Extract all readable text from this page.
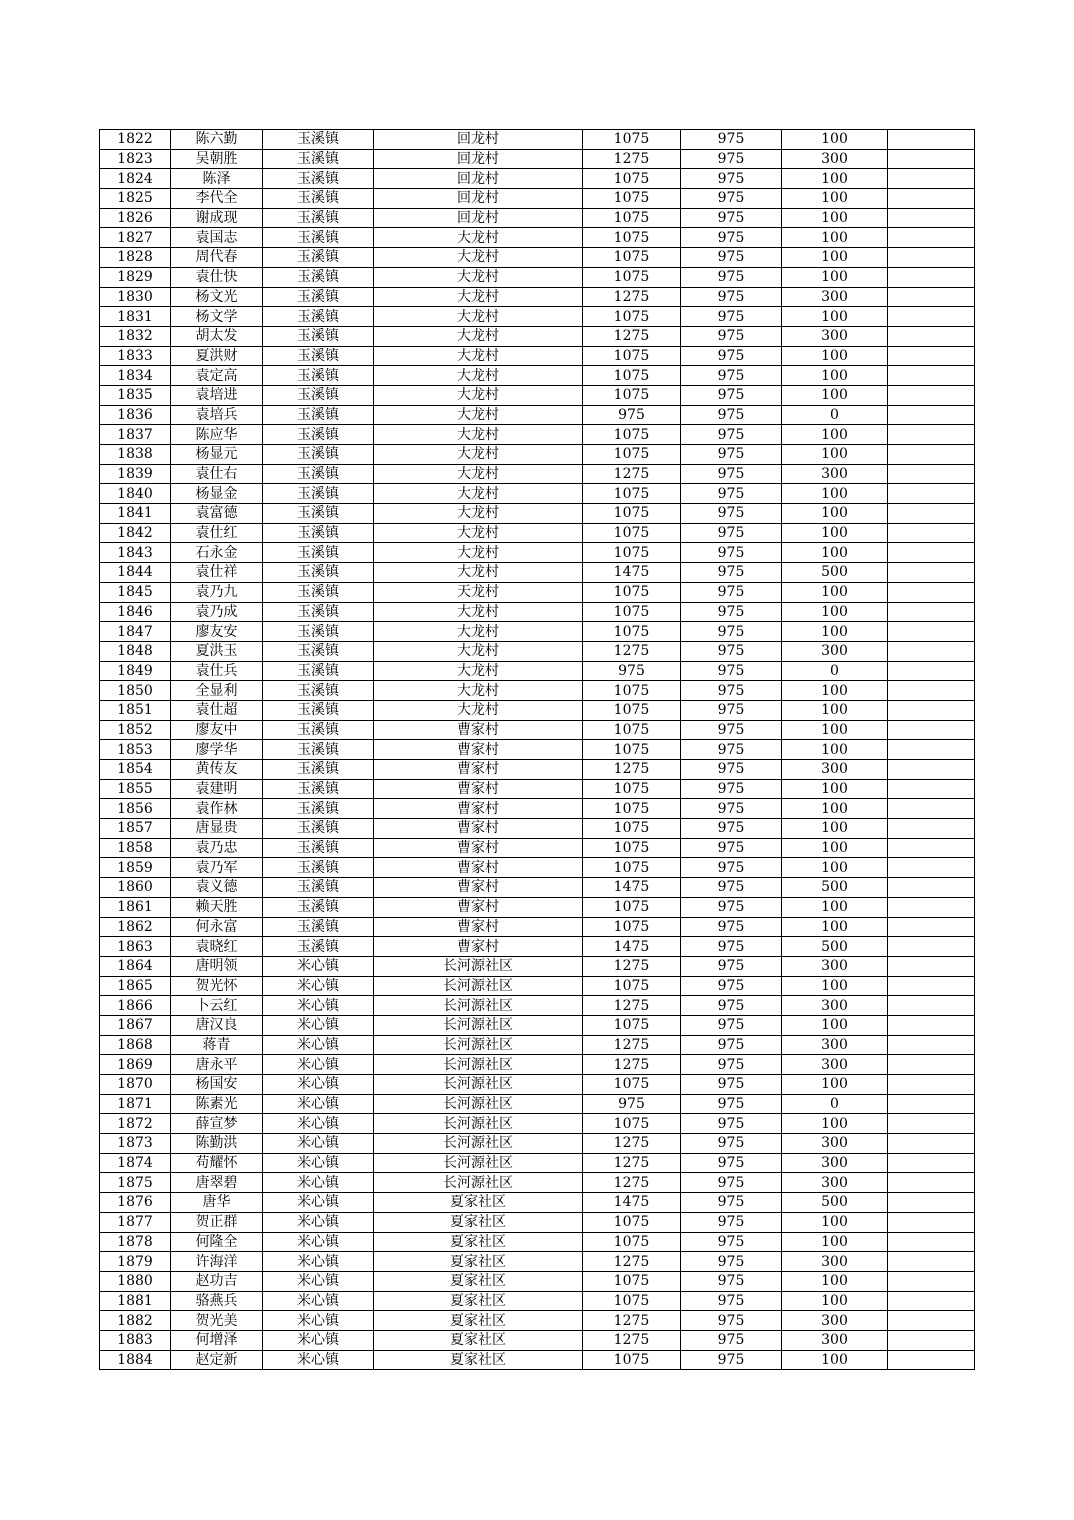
1822	陈六勤	玉溪镇	回龙村	1075	975	100	
1823	吴朝胜	玉溪镇	回龙村	1275	975	300	
1824	陈泽	玉溪镇	回龙村	1075	975	100	
1825	李代全	玉溪镇	回龙村	1075	975	100	
1826	谢成现	玉溪镇	回龙村	1075	975	100	
1827	袁国志	玉溪镇	大龙村	1075	975	100	
1828	周代春	玉溪镇	大龙村	1075	975	100	
1829	袁仕快	玉溪镇	大龙村	1075	975	100	
1830	杨文光	玉溪镇	大龙村	1275	975	300	
1831	杨文学	玉溪镇	大龙村	1075	975	100	
1832	胡太发	玉溪镇	大龙村	1275	975	300	
1833	夏洪财	玉溪镇	大龙村	1075	975	100	
1834	袁定高	玉溪镇	大龙村	1075	975	100	
1835	袁培进	玉溪镇	大龙村	1075	975	100	
1836	袁培兵	玉溪镇	大龙村	975	975	0	
1837	陈应华	玉溪镇	大龙村	1075	975	100	
1838	杨显元	玉溪镇	大龙村	1075	975	100	
1839	袁仕右	玉溪镇	大龙村	1275	975	300	
1840	杨显金	玉溪镇	大龙村	1075	975	100	
1841	袁富德	玉溪镇	大龙村	1075	975	100	
1842	袁仕红	玉溪镇	大龙村	1075	975	100	
1843	石永金	玉溪镇	大龙村	1075	975	100	
1844	袁仕祥	玉溪镇	大龙村	1475	975	500	
1845	袁乃九	玉溪镇	天龙村	1075	975	100	
1846	袁乃成	玉溪镇	大龙村	1075	975	100	
1847	廖友安	玉溪镇	大龙村	1075	975	100	
1848	夏洪玉	玉溪镇	大龙村	1275	975	300	
1849	袁仕兵	玉溪镇	大龙村	975	975	0	
1850	全显利	玉溪镇	大龙村	1075	975	100	
1851	袁仕超	玉溪镇	大龙村	1075	975	100	
1852	廖友中	玉溪镇	曹家村	1075	975	100	
1853	廖学华	玉溪镇	曹家村	1075	975	100	
1854	黄传友	玉溪镇	曹家村	1275	975	300	
1855	袁建明	玉溪镇	曹家村	1075	975	100	
1856	袁作林	玉溪镇	曹家村	1075	975	100	
1857	唐显贵	玉溪镇	曹家村	1075	975	100	
1858	袁乃忠	玉溪镇	曹家村	1075	975	100	
1859	袁乃军	玉溪镇	曹家村	1075	975	100	
1860	袁义德	玉溪镇	曹家村	1475	975	500	
1861	赖天胜	玉溪镇	曹家村	1075	975	100	
1862	何永富	玉溪镇	曹家村	1075	975	100	
1863	袁晓红	玉溪镇	曹家村	1475	975	500	
1864	唐明领	米心镇	长河源社区	1275	975	300	
1865	贺光怀	米心镇	长河源社区	1075	975	100	
1866	卜云红	米心镇	长河源社区	1275	975	300	
1867	唐汉良	米心镇	长河源社区	1075	975	100	
1868	蒋青	米心镇	长河源社区	1275	975	300	
1869	唐永平	米心镇	长河源社区	1275	975	300	
1870	杨国安	米心镇	长河源社区	1075	975	100	
1871	陈素光	米心镇	长河源社区	975	975	0	
1872	薛宣梦	米心镇	长河源社区	1075	975	100	
1873	陈勤洪	米心镇	长河源社区	1275	975	300	
1874	苟耀怀	米心镇	长河源社区	1275	975	300	
1875	唐翠碧	米心镇	长河源社区	1275	975	300	
1876	唐华	米心镇	夏家社区	1475	975	500	
1877	贺正群	米心镇	夏家社区	1075	975	100	
1878	何隆全	米心镇	夏家社区	1075	975	100	
1879	许海洋	米心镇	夏家社区	1275	975	300	
1880	赵功吉	米心镇	夏家社区	1075	975	100	
1881	骆燕兵	米心镇	夏家社区	1075	975	100	
1882	贺光美	米心镇	夏家社区	1275	975	300	
1883	何增泽	米心镇	夏家社区	1275	975	300	
1884	赵定新	米心镇	夏家社区	1075	975	100	
